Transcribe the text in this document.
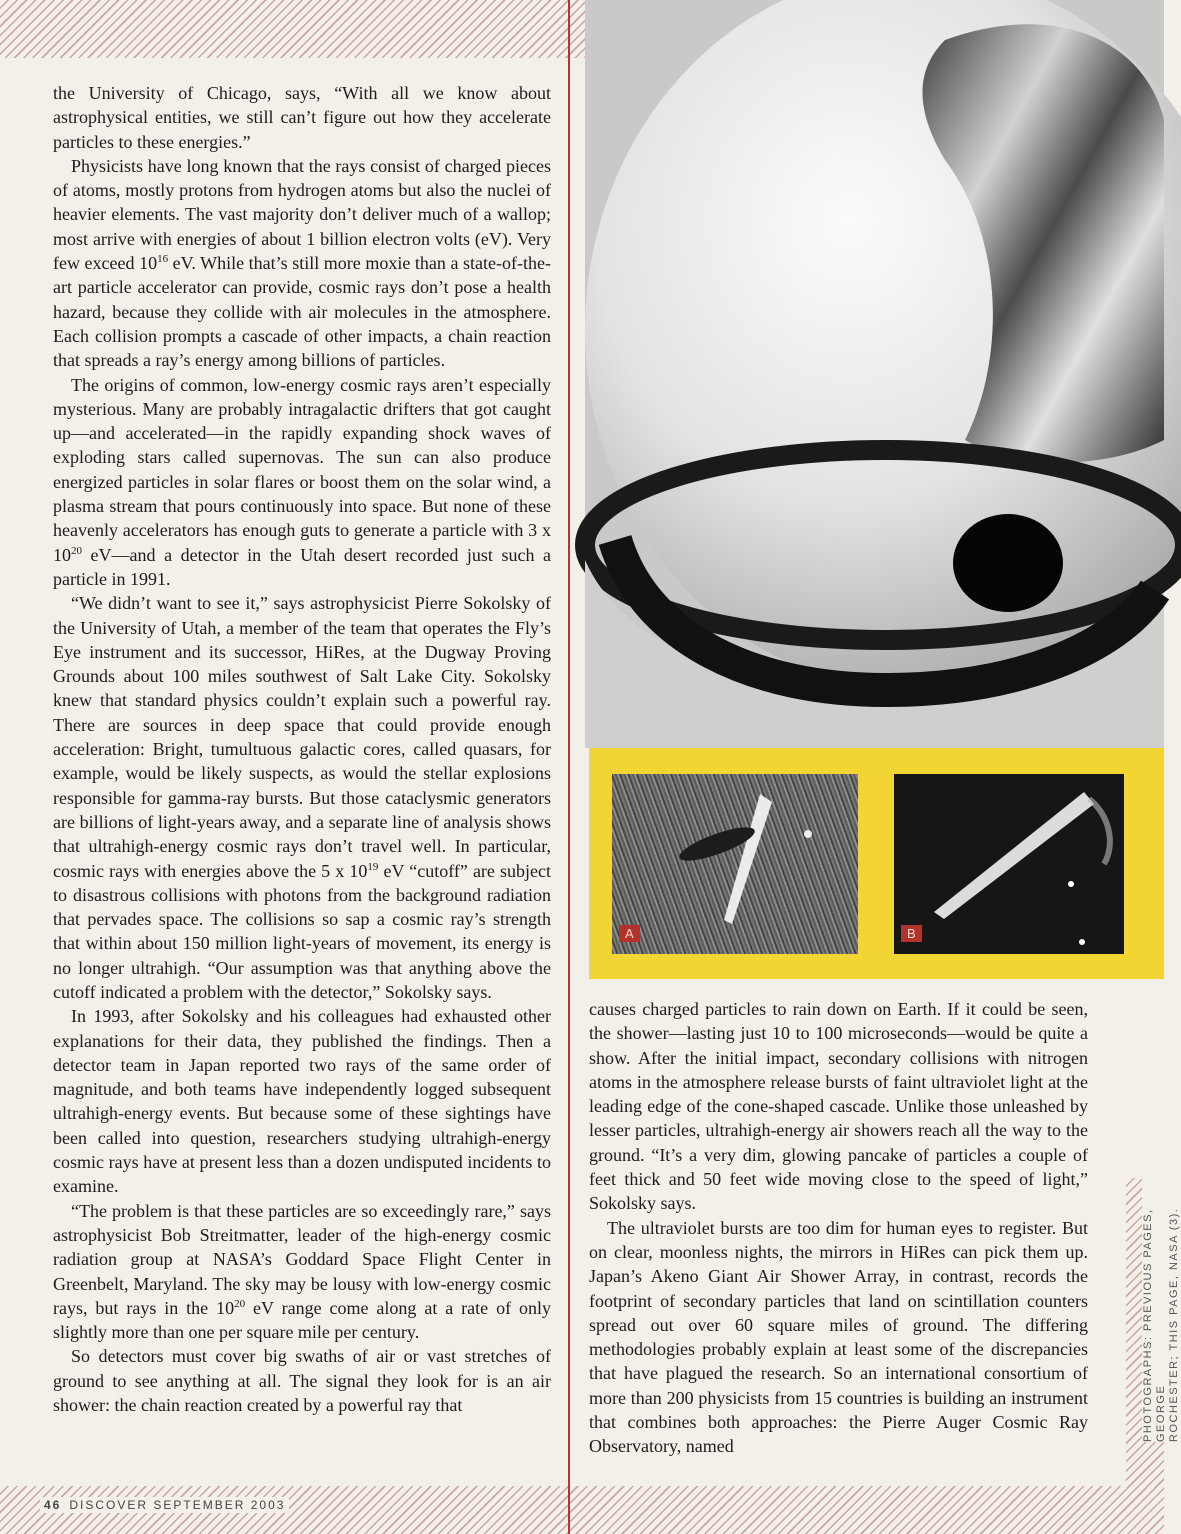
the University of Chicago, says, “With all we know about astrophysical entities, we still can’t figure out how they accelerate particles to these energies.”

Physicists have long known that the rays consist of charged pieces of atoms, mostly protons from hydrogen atoms but also the nuclei of heavier elements. The vast majority don’t deliver much of a wallop; most arrive with energies of about 1 billion electron volts (eV). Very few exceed $10^{16}$ eV. While that’s still more moxie than a state-of-the-art particle accelerator can provide, cosmic rays don’t pose a health hazard, because they collide with air molecules in the atmosphere. Each collision prompts a cascade of other impacts, a chain reaction that spreads a ray’s energy among billions of particles.

The origins of common, low-energy cosmic rays aren’t especially mysterious. Many are probably intragalactic drifters that got caught up—and accelerated—in the rapidly expanding shock waves of exploding stars called supernovas. The sun can also produce energized particles in solar flares or boost them on the solar wind, a plasma stream that pours continuously into space. But none of these heavenly accelerators has enough guts to generate a particle with 3 x $10^{20}$ eV—and a detector in the Utah desert recorded just such a particle in 1991.

“We didn’t want to see it,” says astrophysicist Pierre Sokolsky of the University of Utah, a member of the team that operates the Fly’s Eye instrument and its successor, HiRes, at the Dugway Proving Grounds about 100 miles southwest of Salt Lake City. Sokolsky knew that standard physics couldn’t explain such a powerful ray. There are sources in deep space that could provide enough acceleration: Bright, tumultuous galactic cores, called quasars, for example, would be likely suspects, as would the stellar explosions responsible for gamma-ray bursts. But those cataclysmic generators are billions of light-years away, and a separate line of analysis shows that ultrahigh-energy cosmic rays don’t travel well. In particular, cosmic rays with energies above the 5 x $10^{19}$ eV “cutoff” are subject to disastrous collisions with photons from the background radiation that pervades space. The collisions so sap a cosmic ray’s strength that within about 150 million light-years of movement, its energy is no longer ultrahigh. “Our assumption was that anything above the cutoff indicated a problem with the detector,” Sokolsky says.

In 1993, after Sokolsky and his colleagues had exhausted other explanations for their data, they published the findings. Then a detector team in Japan reported two rays of the same order of magnitude, and both teams have independently logged subsequent ultrahigh-energy events. But because some of these sightings have been called into question, researchers studying ultrahigh-energy cosmic rays have at present less than a dozen undisputed incidents to examine.

“The problem is that these particles are so exceedingly rare,” says astrophysicist Bob Streitmatter, leader of the high-energy cosmic radiation group at NASA’s Goddard Space Flight Center in Greenbelt, Maryland. The sky may be lousy with low-energy cosmic rays, but rays in the $10^{20}$ eV range come along at a rate of only slightly more than one per square mile per century.

So detectors must cover big swaths of air or vast stretches of ground to see anything at all. The signal they look for is an air shower: the chain reaction created by a powerful ray that

A	B

causes charged particles to rain down on Earth. If it could be seen, the shower—lasting just 10 to 100 microseconds—would be quite a show. After the initial impact, secondary collisions with nitrogen atoms in the atmosphere release bursts of faint ultraviolet light at the leading edge of the cone-shaped cascade. Unlike those unleashed by lesser particles, ultrahigh-energy air showers reach all the way to the ground. “It’s a very dim, glowing pancake of particles a couple of feet thick and 50 feet wide moving close to the speed of light,” Sokolsky says.

The ultraviolet bursts are too dim for human eyes to register. But on clear, moonless nights, the mirrors in HiRes can pick them up. Japan’s Akeno Giant Air Shower Array, in contrast, records the footprint of secondary particles that land on scintillation counters spread out over 60 square miles of ground. The differing methodologies probably explain at least some of the discrepancies that have plagued the research. So an international consortium of more than 200 physicists from 15 countries is building an instrument that combines both approaches: the Pierre Auger Cosmic Ray Observatory, named

PHOTOGRAPHS: PREVIOUS PAGES, GEORGE ROCHESTER; THIS PAGE, NASA (3).
46 DISCOVER SEPTEMBER 2003
